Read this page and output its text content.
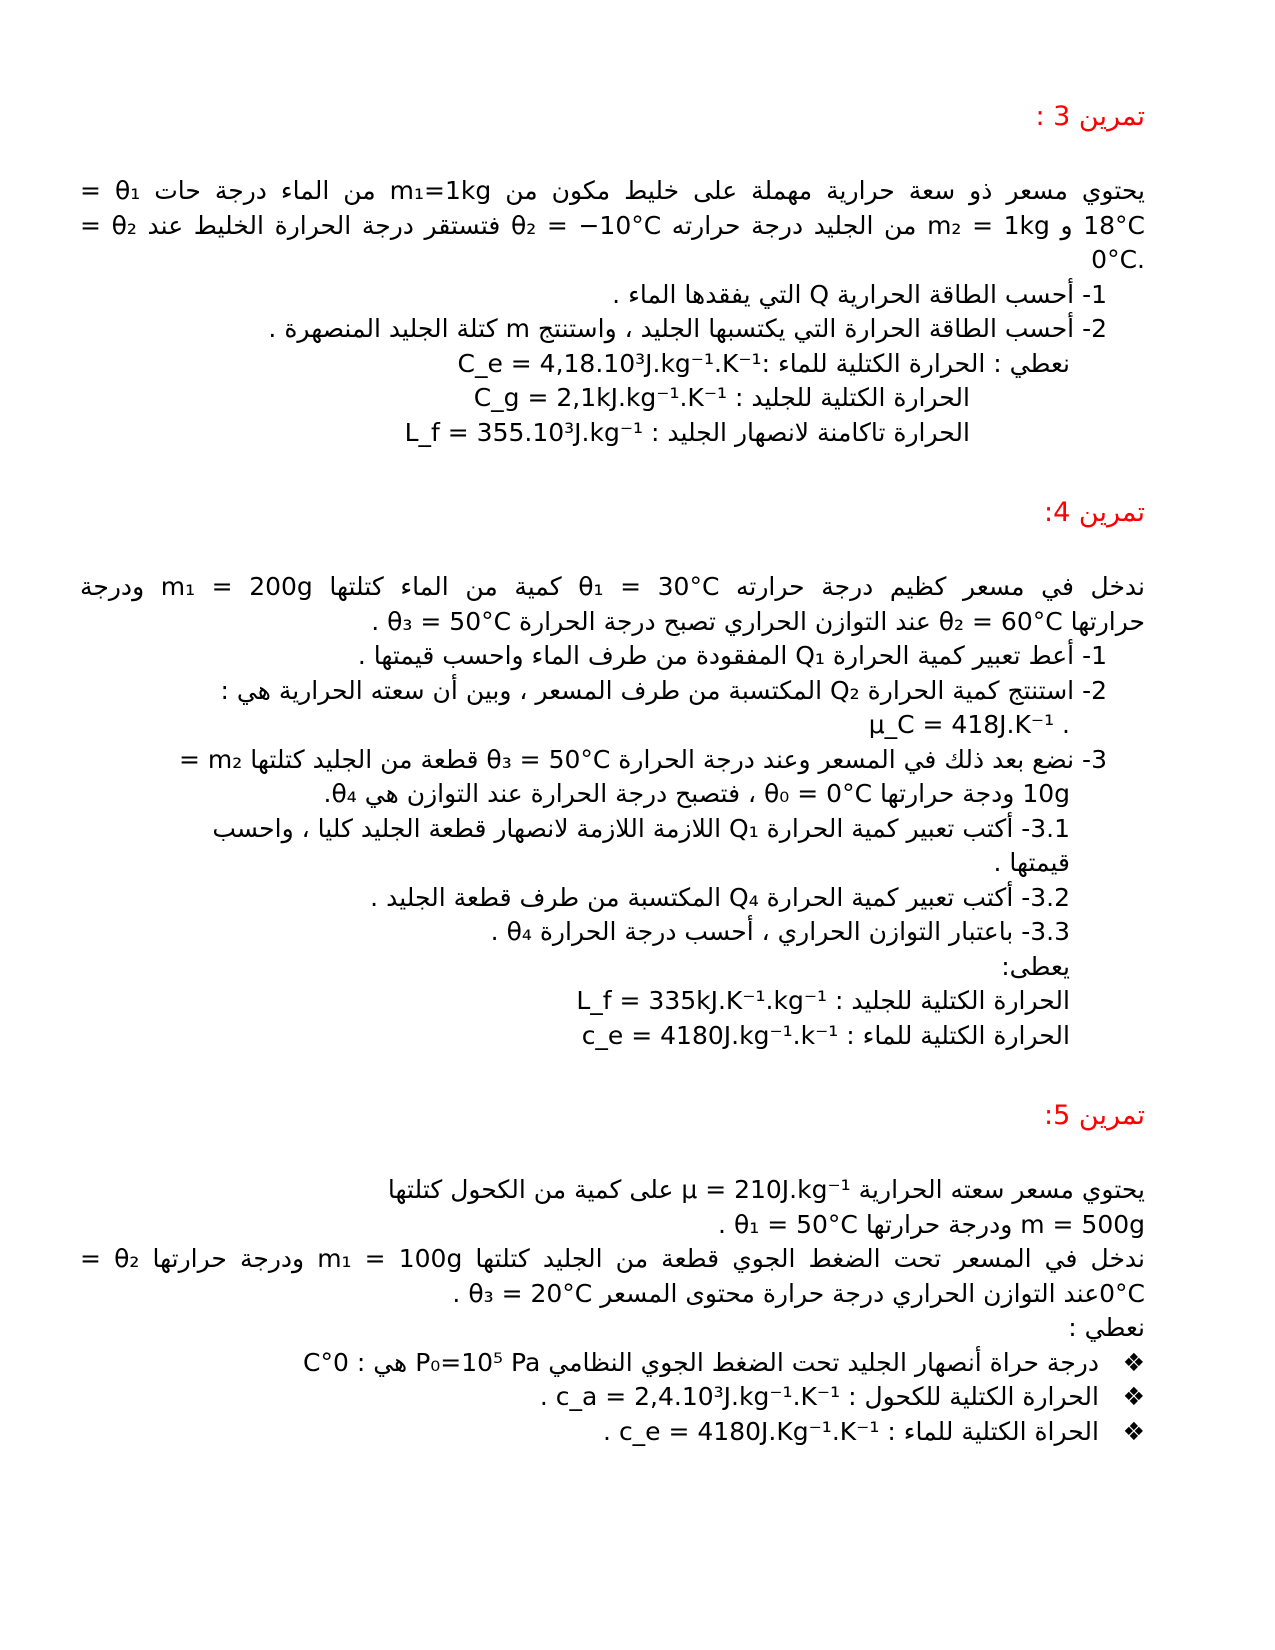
تمرين 3 :
يحتوي مسعر ذو سعة حرارية مهملة على خليط مكون من m₁=1kg من الماء درجة حات θ₁ =
18°C و m₂ = 1kg من الجليد درجة حرارته θ₂ = −10°C فتستقر درجة الحرارة الخليط عند θ₂ =
.0°C
1- أحسب الطاقة الحرارية Q التي يفقدها الماء .
2- أحسب الطاقة الحرارة التي يكتسبها الجليد ، واستنتج m كتلة الجليد المنصهرة .
نعطي : الحرارة الكتلية للماء :C_e = 4,18.10³J.kg⁻¹.K⁻¹
الحرارة الكتلية للجليد : C_g = 2,1kJ.kg⁻¹.K⁻¹
الحرارة تاكامنة لانصهار الجليد : L_f = 355.10³J.kg⁻¹
تمرين 4:
ندخل في مسعر كظيم درجة حرارته θ₁ = 30°C كمية من الماء كتلتها m₁ = 200g ودرجة
حرارتها θ₂ = 60°C عند التوازن الحراري تصبح درجة الحرارة θ₃ = 50°C .
1- أعط تعبير كمية الحرارة Q₁ المفقودة من طرف الماء واحسب قيمتها .
2- استنتج كمية الحرارة Q₂ المكتسبة من طرف المسعر ، وبين أن سعته الحرارية هي :
. μ_C = 418J.K⁻¹
3- نضع بعد ذلك في المسعر وعند درجة الحرارة θ₃ = 50°C قطعة من الجليد كتلتها m₂ =
10g ودجة حرارتها θ₀ = 0°C ، فتصبح درجة الحرارة عند التوازن هي θ₄.
3.1- أكتب تعبير كمية الحرارة Q₁ اللازمة اللازمة لانصهار قطعة الجليد كليا ، واحسب
قيمتها .
3.2- أكتب تعبير كمية الحرارة Q₄ المكتسبة من طرف قطعة الجليد .
3.3- باعتبار التوازن الحراري ، أحسب درجة الحرارة θ₄ .
يعطى:
الحرارة الكتلية للجليد : L_f = 335kJ.K⁻¹.kg⁻¹
الحرارة الكتلية للماء : c_e = 4180J.kg⁻¹.k⁻¹
تمرين 5:
يحتوي مسعر سعته الحرارية μ = 210J.kg⁻¹ على كمية من الكحول كتلتها
m = 500g ودرجة حرارتها θ₁ = 50°C .
ندخل في المسعر تحت الضغط الجوي قطعة من الجليد كتلتها m₁ = 100g ودرجة حرارتها θ₂ =
0°Cعند التوازن الحراري درجة حرارة محتوى المسعر θ₃ = 20°C .
نعطي :
❖درجة حراة أنصهار الجليد تحت الضغط الجوي النظامي P₀=10⁵ Pa هي : 0°C
❖الحرارة الكتلية للكحول : c_a = 2,4.10³J.kg⁻¹.K⁻¹ .
❖الحراة الكتلية للماء : c_e = 4180J.Kg⁻¹.K⁻¹ .
